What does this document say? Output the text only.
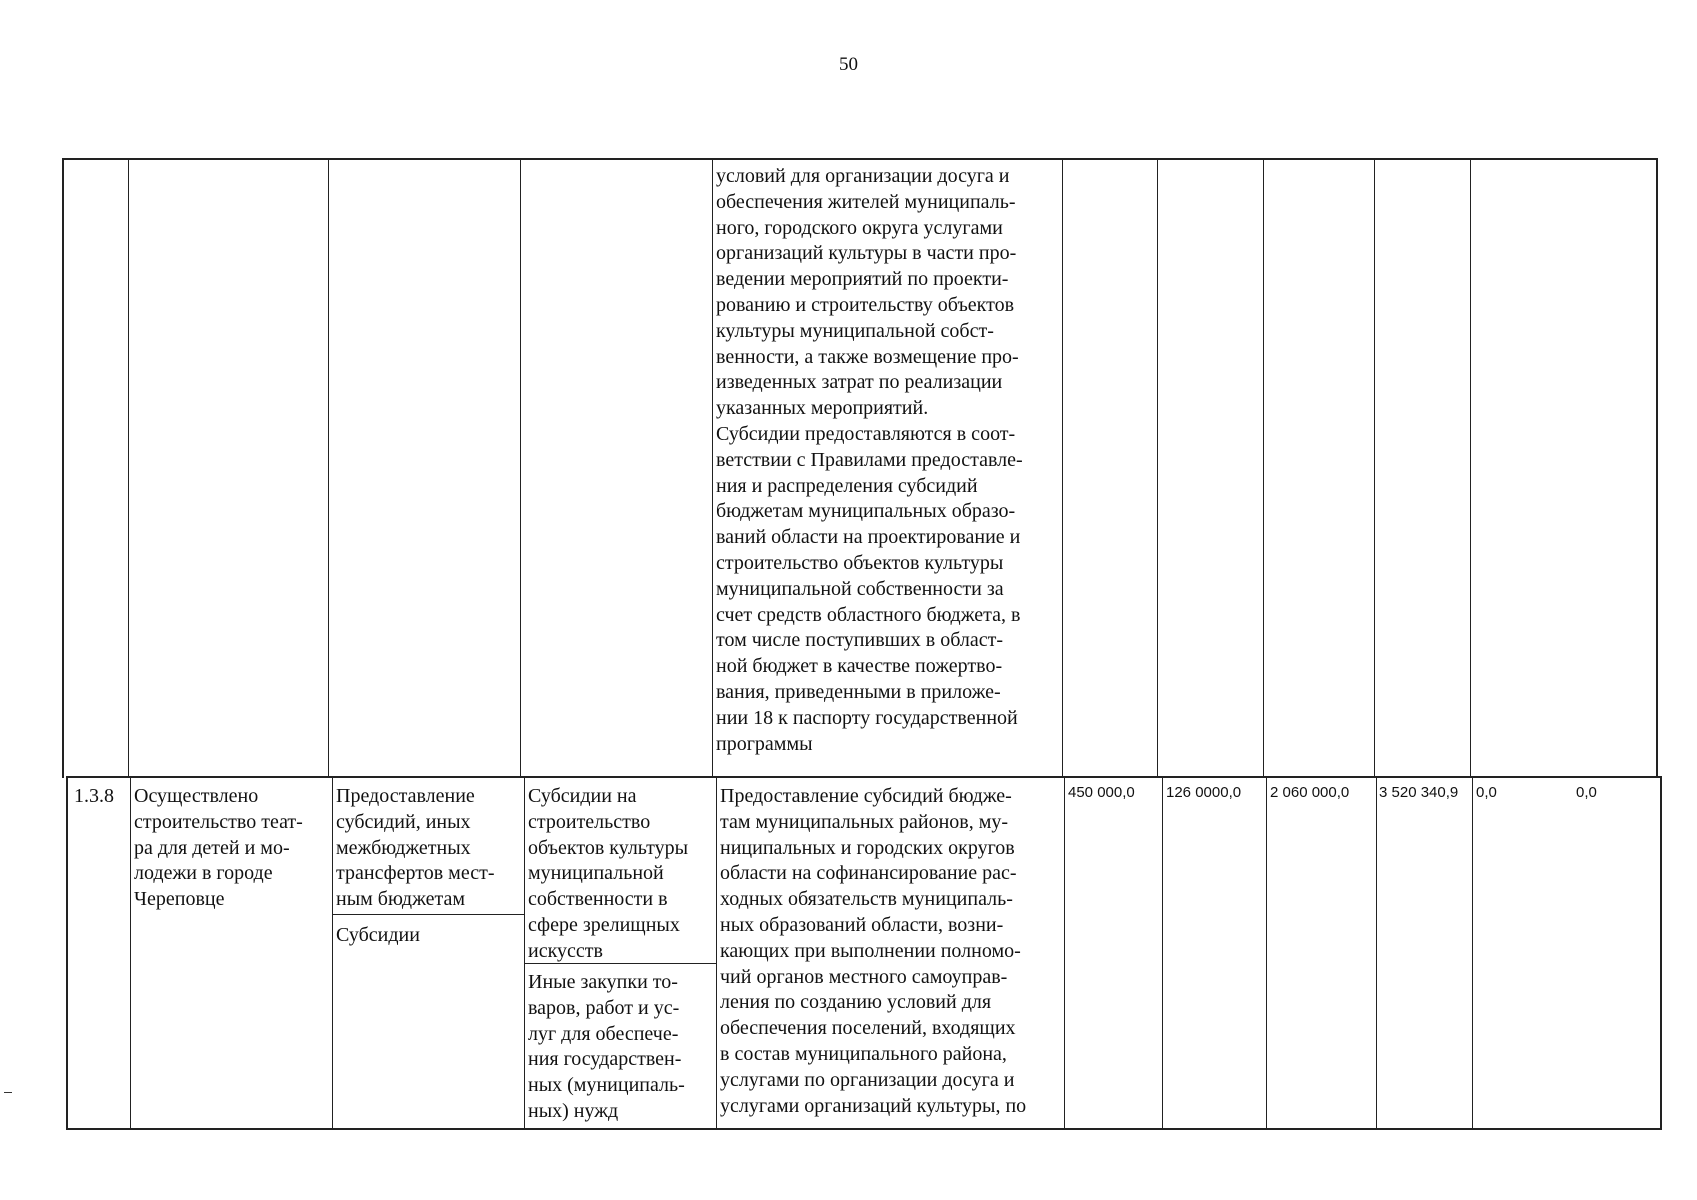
50
условий для организации досуга и
обеспечения жителей муниципаль-
ного, городского округа услугами
организаций культуры в части про-
ведении мероприятий по проекти-
рованию и строительству объектов
культуры муниципальной собст-
венности, а также возмещение про-
изведенных затрат по реализации
указанных мероприятий.
Субсидии предоставляются в соот-
ветствии с Правилами предоставле-
ния и распределения субсидий
бюджетам муниципальных образо-
ваний области на проектирование и
строительство объектов культуры
муниципальной собственности за
счет средств областного бюджета, в
том числе поступивших в област-
ной бюджет в качестве пожертво-
вания, приведенными в приложе-
нии 18 к паспорту государственной
программы
1.3.8 Осуществлено
строительство теат-
ра для детей и мо-
лодежи в городе
Череповце
Предоставление
субсидий, иных
межбюджетных
трансфертов мест-
ным бюджетам
Субсидии
Субсидии на
строительство
объектов культуры
муниципальной
собственности в
сфере зрелищных
искусств
Иные закупки то-
варов, работ и ус-
луг для обеспече-
ния государствен-
ных (муниципаль-
ных) нужд
Предоставление субсидий бюдже-
там муниципальных районов, му-
ниципальных и городских округов
области на софинансирование рас-
ходных обязательств муниципаль-
ных образований области, возни-
кающих при выполнении полномо-
чий органов местного самоуправ-
ления по созданию условий для
обеспечения поселений, входящих
в состав муниципального района,
услугами по организации досуга и
услугами организаций культуры, по
450 000,0 126 0000,0 2 060 000,0 3 520 340,9 0,0	0,0
